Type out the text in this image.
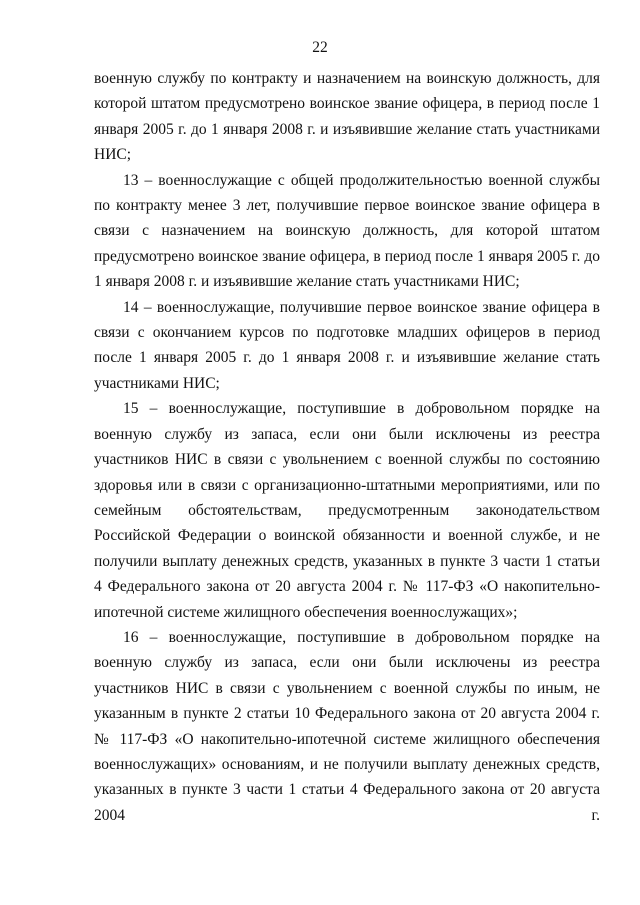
22

военную службу по контракту и назначением на воинскую должность, для которой штатом предусмотрено воинское звание офицера, в период после 1 января 2005 г. до 1 января 2008 г. и изъявившие желание стать участниками НИС;

13 – военнослужащие с общей продолжительностью военной службы по контракту менее 3 лет, получившие первое воинское звание офицера в связи с назначением на воинскую должность, для которой штатом предусмотрено воинское звание офицера, в период после 1 января 2005 г. до 1 января 2008 г. и изъявившие желание стать участниками НИС;

14 – военнослужащие, получившие первое воинское звание офицера в связи с окончанием курсов по подготовке младших офицеров в период после 1 января 2005 г. до 1 января 2008 г. и изъявившие желание стать участниками НИС;

15 – военнослужащие, поступившие в добровольном порядке на военную службу из запаса, если они были исключены из реестра участников НИС в связи с увольнением с военной службы по состоянию здоровья или в связи с организационно-штатными мероприятиями, или по семейным обстоятельствам, предусмотренным законодательством Российской Федерации о воинской обязанности и военной службе, и не получили выплату денежных средств, указанных в пункте 3 части 1 статьи 4 Федерального закона от 20 августа 2004 г. № 117-ФЗ «О накопительно-ипотечной системе жилищного обеспечения военнослужащих»;

16 – военнослужащие, поступившие в добровольном порядке на военную службу из запаса, если они были исключены из реестра участников НИС в связи с увольнением с военной службы по иным, не указанным в пункте 2 статьи 10 Федерального закона от 20 августа 2004 г. № 117-ФЗ «О накопительно-ипотечной системе жилищного обеспечения военнослужащих» основаниям, и не получили выплату денежных средств, указанных в пункте 3 части 1 статьи 4 Федерального закона от 20 августа 2004 г.
